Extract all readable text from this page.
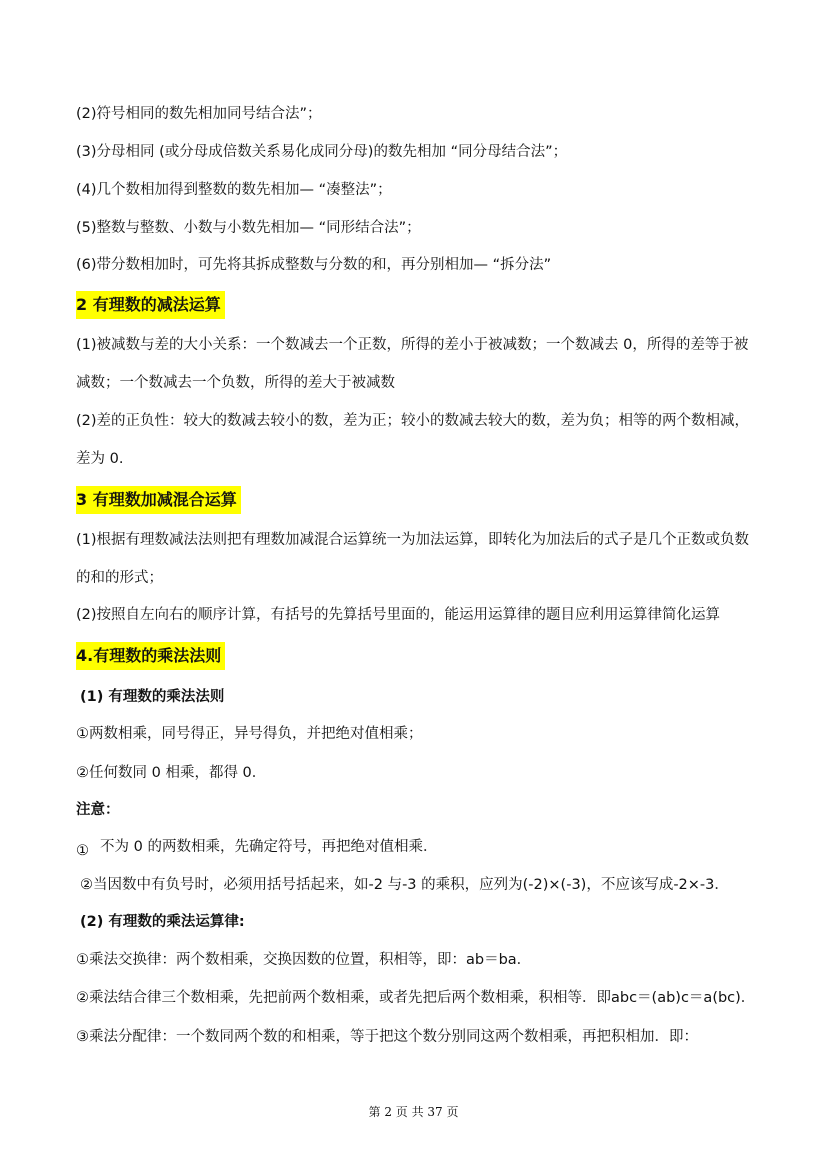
(2)符号相同的数先相加同号结合法”；

(3)分母相同 (或分母成倍数关系易化成同分母)的数先相加 “同分母结合法”；

(4)几个数相加得到整数的数先相加— “凑整法”；

(5)整数与整数、小数与小数先相加— “同形结合法”；

(6)带分数相加时，可先将其拆成整数与分数的和，再分别相加— “拆分法”

2 有理数的减法运算

(1)被减数与差的大小关系：一个数减去一个正数，所得的差小于被减数；一个数减去 0，所得的差等于被

减数；一个数减去一个负数，所得的差大于被减数

(2)差的正负性：较大的数减去较小的数，差为正；较小的数减去较大的数，差为负；相等的两个数相减，

差为 0.

3 有理数加减混合运算

(1)根据有理数减法法则把有理数加减混合运算统一为加法运算，即转化为加法后的式子是几个正数或负数

的和的形式；

(2)按照自左向右的顺序计算，有括号的先算括号里面的，能运用运算律的题目应利用运算律简化运算

4.有理数的乘法法则

(1) 有理数的乘法法则

①两数相乘，同号得正，异号得负，并把绝对值相乘；

②任何数同 0 相乘，都得 0．

注意：

① 不为 0 的两数相乘，先确定符号，再把绝对值相乘．

②当因数中有负号时，必须用括号括起来，如-2 与-3 的乘积，应列为(-2)×(-3)，不应该写成-2×-3．

(2) 有理数的乘法运算律:

①乘法交换律：两个数相乘，交换因数的位置，积相等，即：ab＝ba．

②乘法结合律三个数相乘，先把前两个数相乘，或者先把后两个数相乘，积相等．即abc＝(ab)c＝a(bc)．

③乘法分配律：一个数同两个数的和相乘，等于把这个数分别同这两个数相乘，再把积相加．即：

第 2 页 共 37 页
